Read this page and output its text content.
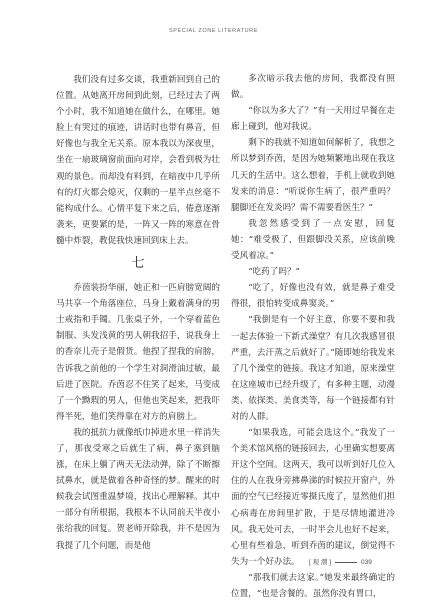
SPECIAL ZONE LITERATURE

我们没有过多交谈，我重新回到自己的位置。从她离开房间到此刻，已经过去了两个小时，我不知道她在做什么，在哪里。她脸上有哭过的痕迹，讲话时也带有鼻音，但好像也与我全无关系。原本我以为深夜里，坐在一扇玻璃窗前面向对岸，会看到极为壮观的景色。而却没有料到，在暗夜中几乎所有的灯火都会熄灭，仅剩的一星半点丝毫不能构成什么。心情平复下来之后，倦意逐渐袭来，更要紧的是，一阵又一阵的寒意在骨髓中炸裂，教促我快速回到床上去。

七

乔茵装扮华丽，她正和一匹肩膀宽阔的马共享一个角落座位，马身上戴着满身的男士戒指和手镯。几张桌子外，一个穿着蓝色制服、头发浅黄的男人朝我招手，说我身上的香奈儿壳子是假货。他捏了捏我的肩膀，告诉我之前他的一个学生对洞滑油过敏，最后进了医院。乔茵忍不住笑了起来，马变成了一个黝瑕的男人，但他也笑起来，把我吓得半死，他们笑得靠在对方的肩膀上。

我的抵抗力就像纸巾掉进水里一样消失了，那夜受寒之后就生了病，鼻子塞到脑涨，在床上躺了两天无法动弹，除了不断擦拭鼻水，就是做着各种奇怪的梦。醒来的时候我会试图重温梦境，找出心理解释。其中一部分有所根据，我根本不认同前天半夜小张给我的回复。贺老师开除我，并不是因为我提了几个问题，而是他

多次暗示我去他的房间，我都没有照做。

“你以为多大了？”有一天用过早餐在走廊上碰到，他对我说。

剩下的我就不知道如何解析了，我想之所以梦到乔茵，是因为她频繁地出现在我这几天的生活中。这么想着，手机上就收到她发来的消息：“听说你生病了，很严重吗？腿脚还在发炎吗？需不需要看医生？”

我忽然感受到了一点安慰，回复她：“难受极了，但跟脚没关系，应该前晚受风着凉。”

“吃药了吗？”

“吃了，好像也没有效，就是鼻子难受得很，很怕转变成鼻窦炎。”

“我倒是有一个好主意，你要不要和我一起去体验一下新式澡堂？有几次我感冒很严重，去汗蒸之后就好了。”随即她给我发来了几个澡堂的链接。我这才知道，原来澡堂在这座城市已经升级了，有多种主题，动漫类、依探类、美食类等，每一个链接都有针对的人群。

“如果我选，可能会选这个。”我发了一个美术馆风格的链接回去，心里确实想要离开这个空间。这两天，我可以听到好几位入住的人在我身旁拂鼻涕的时候拉开窗户，外面的空气已经接近零摄氏度了，显然他们担心病毒在房间里扩散，于是尽情地灌进冷风。我无处可去，一时半会儿也好不起来，心里有些着急，听到乔茵的建议，倒觉得不失为一个好办法。

“那我们就去这家。”她发来最终确定的位置，“也是含餐的。虽然你没有胃口，

[ 观 潮 ]	039
